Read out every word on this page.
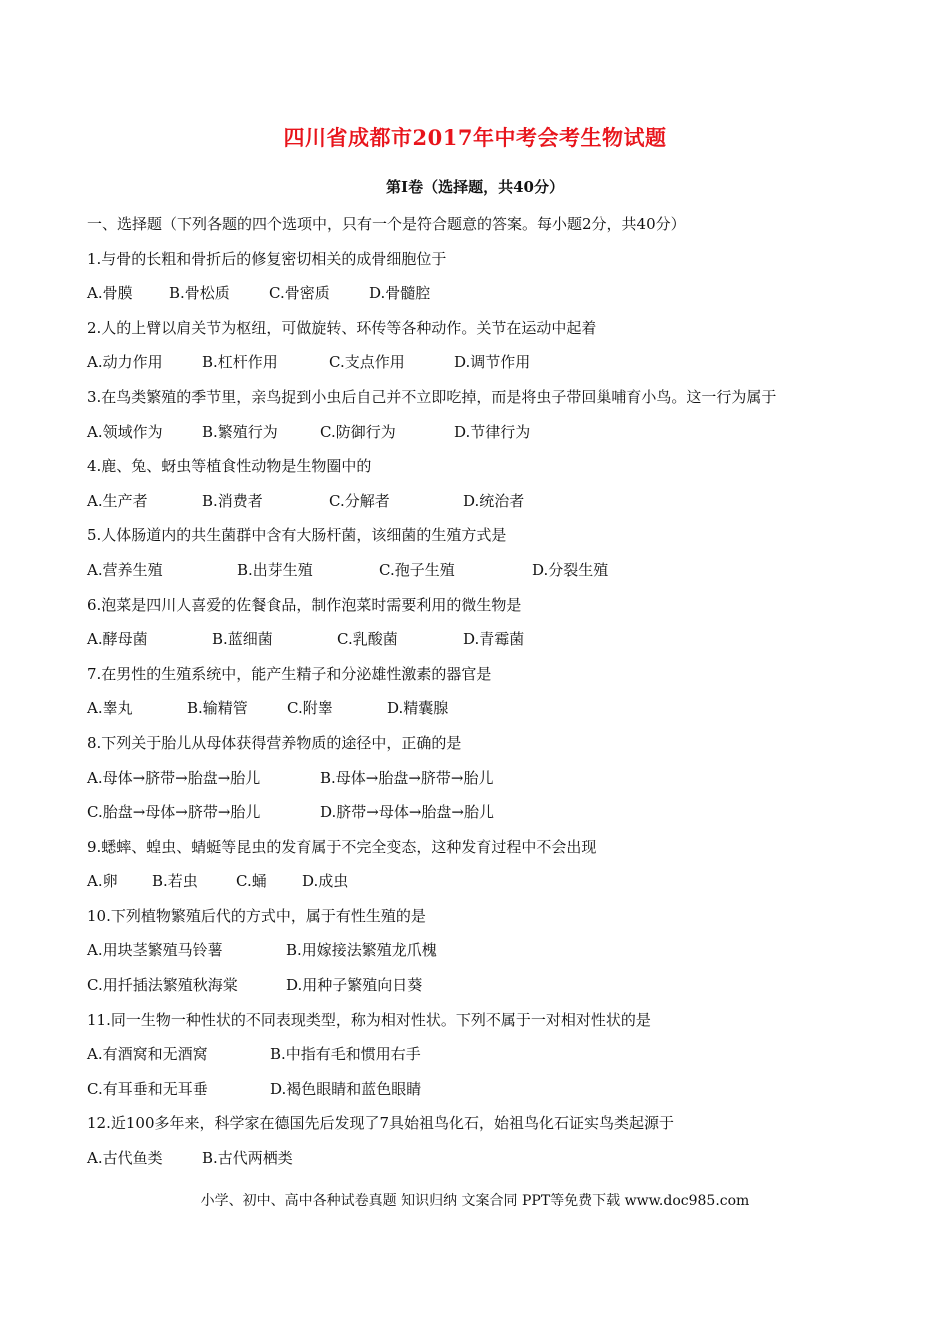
四川省成都市2017年中考会考生物试题
第Ⅰ卷（选择题，共40分）
一、选择题（下列各题的四个选项中，只有一个是符合题意的答案。每小题2分，共40分）
1.与骨的长粗和骨折后的修复密切相关的成骨细胞位于
A.骨膜 B.骨松质	C.骨密质	D.骨髓腔
2.人的上臂以肩关节为枢纽，可做旋转、环传等各种动作。关节在运动中起着
A.动力作用	B.杠杆作用	C.支点作用	D.调节作用
3.在鸟类繁殖的季节里，亲鸟捉到小虫后自己并不立即吃掉，而是将虫子带回巢哺育小鸟。这一行为属于
A.领域作为	B.繁殖行为	C.防御行为	D.节律行为
4.鹿、兔、蚜虫等植食性动物是生物圈中的
A.生产者	B.消费者	C.分解者	D.统治者
5.人体肠道内的共生菌群中含有大肠杆菌，该细菌的生殖方式是
A.营养生殖	B.出芽生殖	C.孢子生殖	D.分裂生殖
6.泡菜是四川人喜爱的佐餐食品，制作泡菜时需要利用的微生物是
A.酵母菌	B.蓝细菌	C.乳酸菌	D.青霉菌
7.在男性的生殖系统中，能产生精子和分泌雄性激素的器官是
A.睾丸	B.输精管	C.附睾	D.精囊腺
8.下列关于胎儿从母体获得营养物质的途径中，正确的是
A.母体→脐带→胎盘→胎儿	B.母体→胎盘→脐带→胎儿
C.胎盘→母体→脐带→胎儿	D.脐带→母体→胎盘→胎儿
9.蟋蟀、蝗虫、蜻蜓等昆虫的发育属于不完全变态，这种发育过程中不会出现
A.卵 B.若虫	C.蛹 D.成虫
10.下列植物繁殖后代的方式中，属于有性生殖的是
A.用块茎繁殖马铃薯	B.用嫁接法繁殖龙爪槐
C.用扦插法繁殖秋海棠	D.用种子繁殖向日葵
11.同一生物一种性状的不同表现类型，称为相对性状。下列不属于一对相对性状的是
A.有酒窝和无酒窝	B.中指有毛和惯用右手
C.有耳垂和无耳垂	D.褐色眼睛和蓝色眼睛
12.近100多年来，科学家在德国先后发现了7具始祖鸟化石，始祖鸟化石证实鸟类起源于
A.古代鱼类	B.古代两栖类
小学、初中、高中各种试卷真题 知识归纳 文案合同 PPT等免费下载 www.doc985.com
